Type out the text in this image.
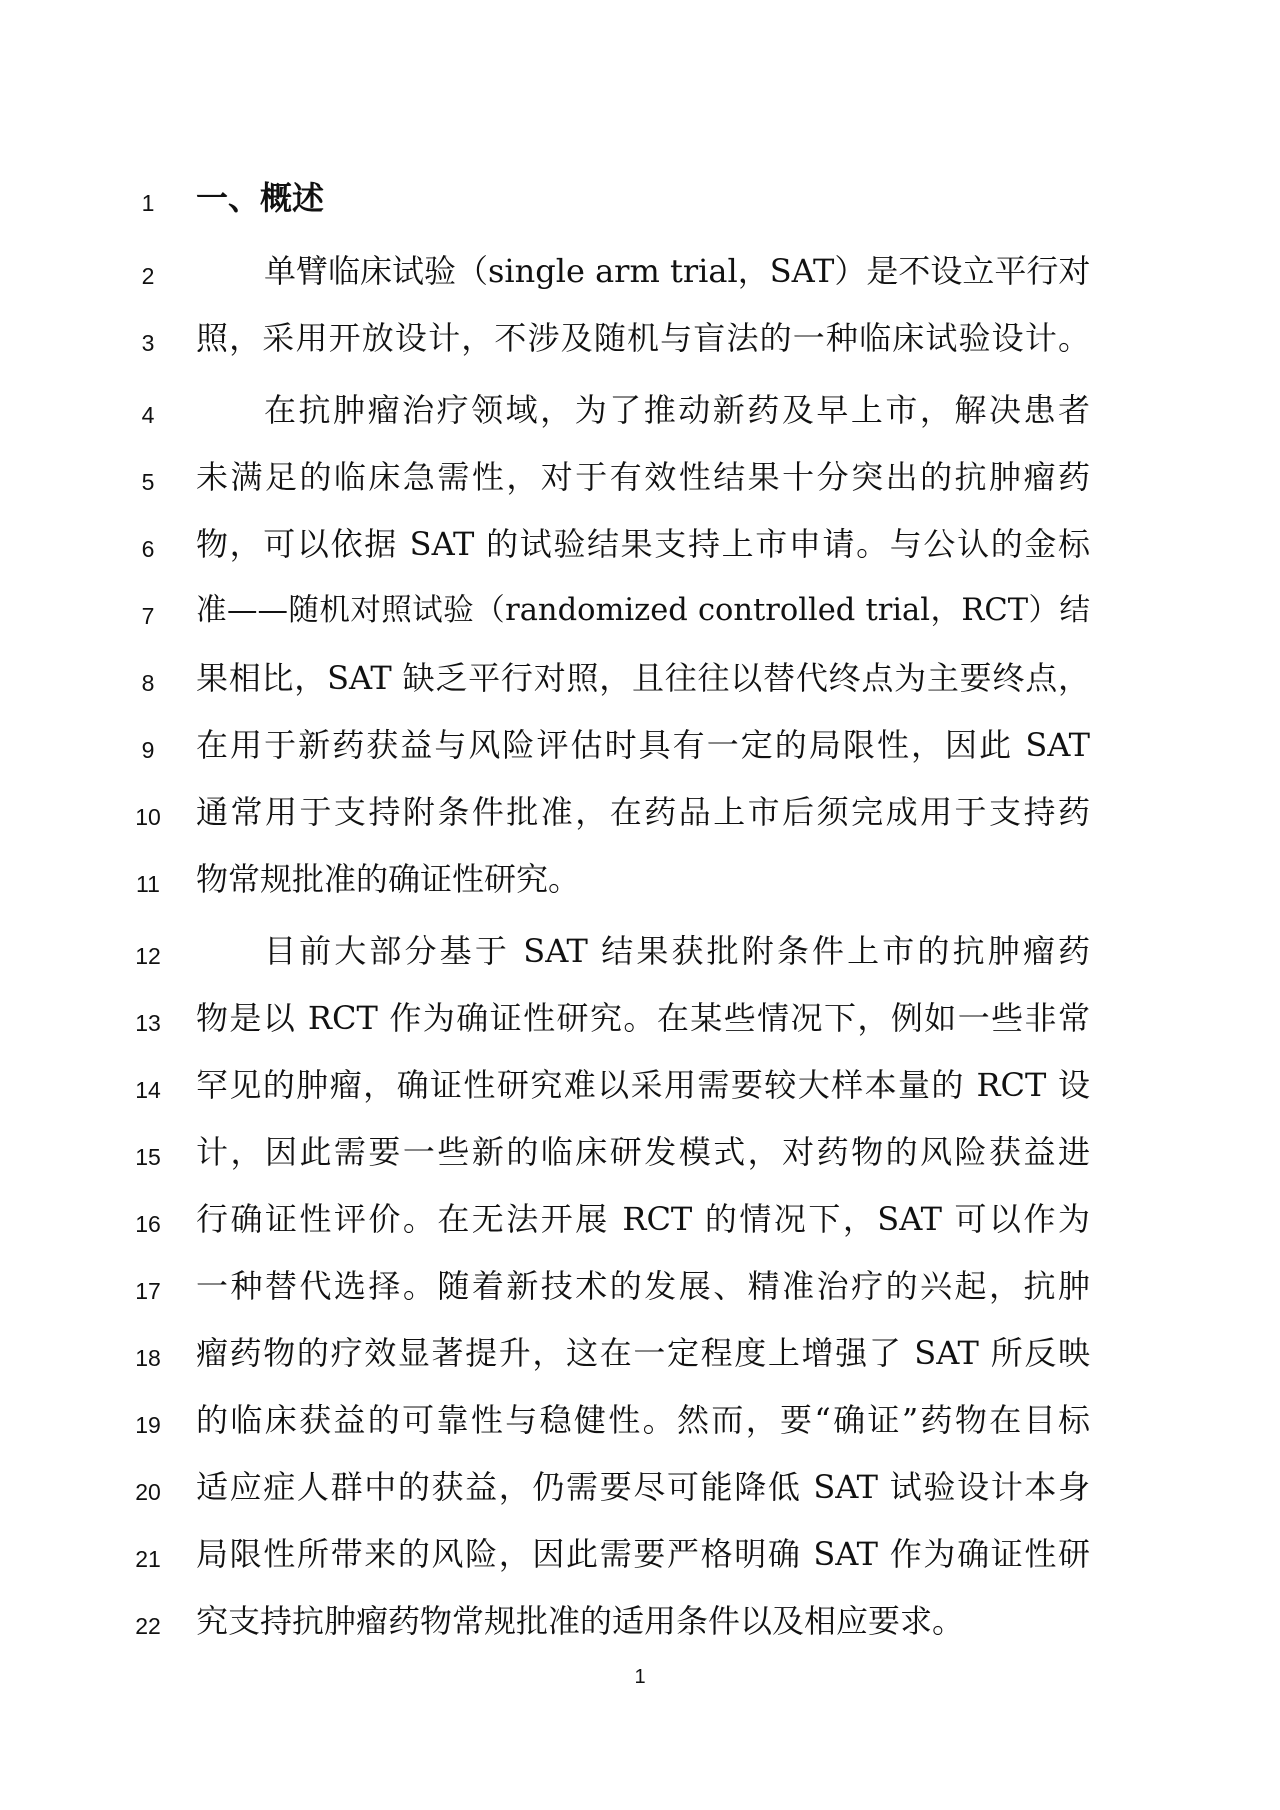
1	一、概述
2	单臂临床试验（single arm trial，SAT）是不设立平行对
3	照，采用开放设计，不涉及随机与盲法的一种临床试验设计。
4	在抗肿瘤治疗领域，为了推动新药及早上市，解决患者
5	未满足的临床急需性，对于有效性结果十分突出的抗肿瘤药
6	物，可以依据 SAT 的试验结果支持上市申请。与公认的金标
7	准——随机对照试验（randomized controlled trial，RCT）结
8	果相比，SAT 缺乏平行对照，且往往以替代终点为主要终点，
9	在用于新药获益与风险评估时具有一定的局限性，因此 SAT
10	通常用于支持附条件批准，在药品上市后须完成用于支持药
11	物常规批准的确证性研究。
12	目前大部分基于 SAT 结果获批附条件上市的抗肿瘤药
13	物是以 RCT 作为确证性研究。在某些情况下，例如一些非常
14	罕见的肿瘤，确证性研究难以采用需要较大样本量的 RCT 设
15	计，因此需要一些新的临床研发模式，对药物的风险获益进
16	行确证性评价。在无法开展 RCT 的情况下，SAT 可以作为
17	一种替代选择。随着新技术的发展、精准治疗的兴起，抗肿
18	瘤药物的疗效显著提升，这在一定程度上增强了 SAT 所反映
19	的临床获益的可靠性与稳健性。然而，要“确证”药物在目标
20	适应症人群中的获益，仍需要尽可能降低 SAT 试验设计本身
21	局限性所带来的风险，因此需要严格明确 SAT 作为确证性研
22	究支持抗肿瘤药物常规批准的适用条件以及相应要求。
1
